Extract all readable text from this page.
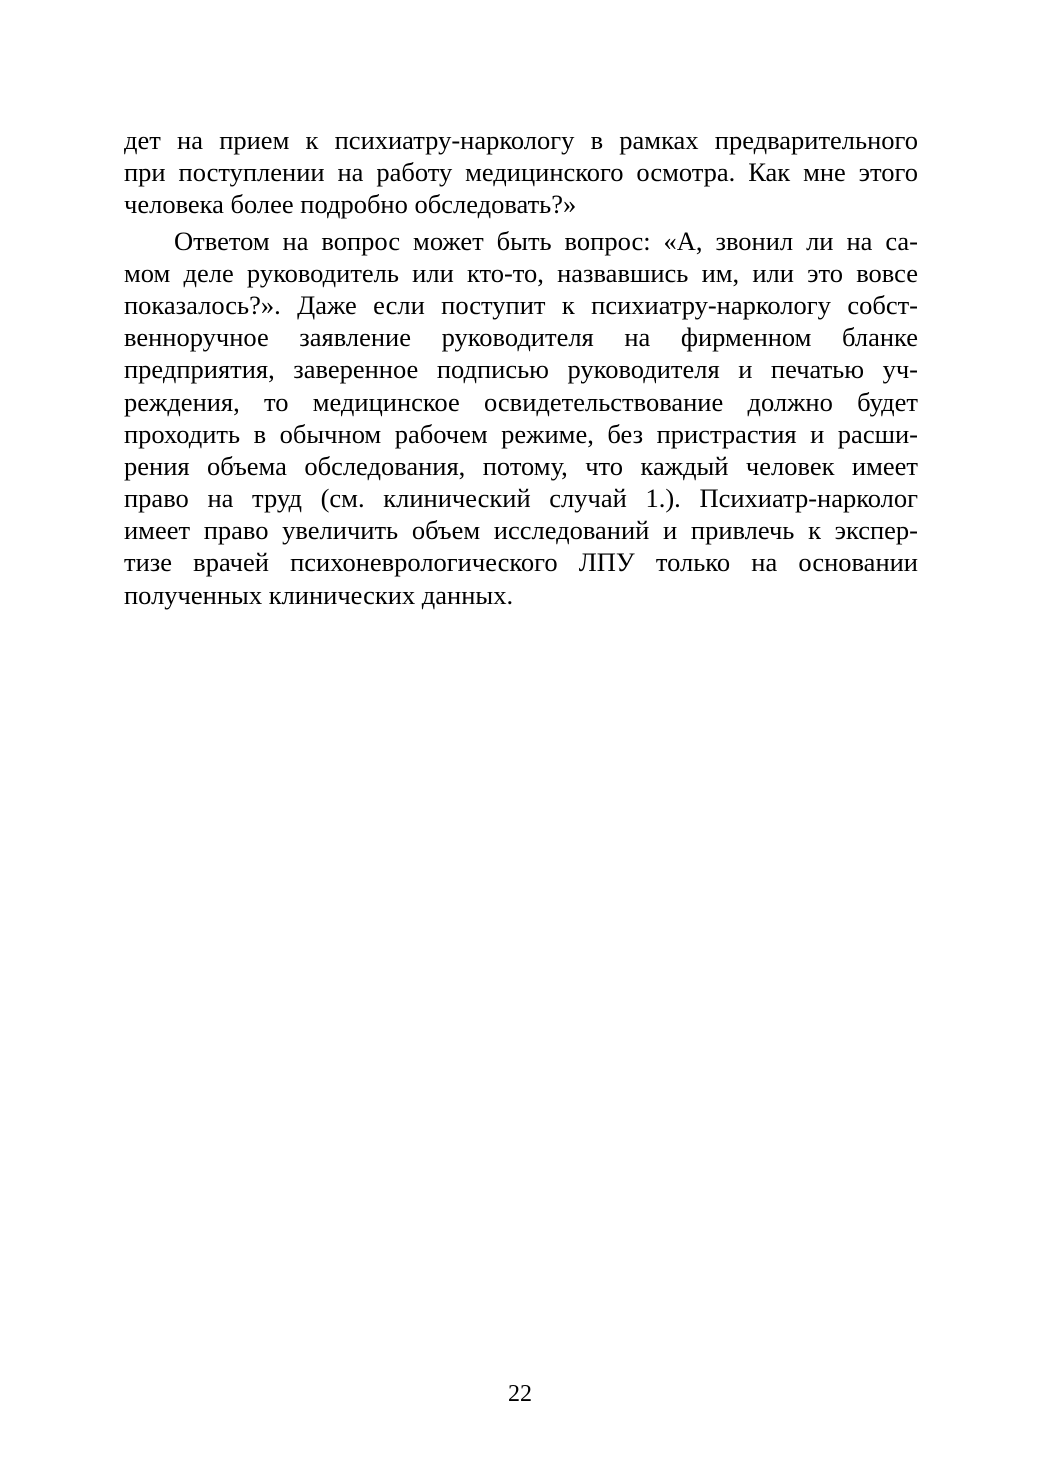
дет на прием к психиатру-наркологу в рамках предварительного
при поступлении на работу медицинского осмотра. Как мне этого
человека более подробно обследовать?»
Ответом на вопрос может быть вопрос: «А, звонил ли на са-
мом деле руководитель или кто-то, назвавшись им, или это вовсе
показалось?». Даже если поступит к психиатру-наркологу собст-
венноручное заявление руководителя на фирменном бланке
предприятия, заверенное подписью руководителя и печатью уч-
реждения, то медицинское освидетельствование должно будет
проходить в обычном рабочем режиме, без пристрастия и расши-
рения объема обследования, потому, что каждый человек имеет
право на труд (см. клинический случай 1.). Психиатр-нарколог
имеет право увеличить объем исследований и привлечь к экспер-
тизе врачей психоневрологического ЛПУ только на основании
полученных клинических данных.
22
